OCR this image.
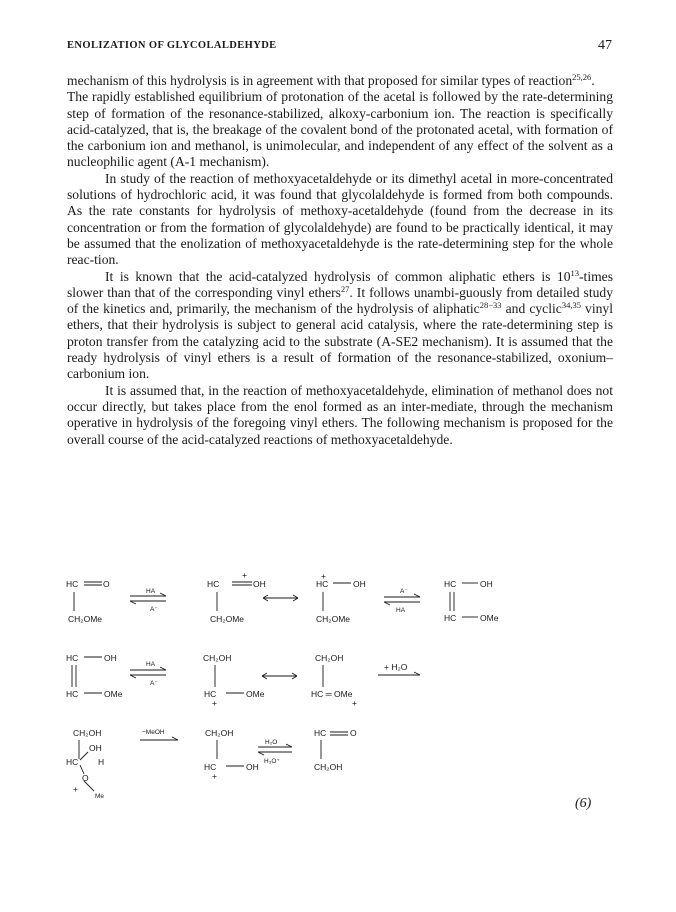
ENOLIZATION OF GLYCOLALDEHYDE	47

mechanism of this hydrolysis is in agreement with that proposed for similar types of reaction$^{25,26}$.

The rapidly established equilibrium of protonation of the acetal is followed by the rate-determining step of formation of the resonance-stabilized, alkoxy-carbonium ion. The reaction is specifically acid-catalyzed, that is, the breakage of the covalent bond of the protonated acetal, with formation of the carbonium ion and methanol, is unimolecular, and independent of any effect of the solvent as a nucleophilic agent (A-1 mechanism).

In study of the reaction of methoxyacetaldehyde or its dimethyl acetal in more-concentrated solutions of hydrochloric acid, it was found that glycolaldehyde is formed from both compounds. As the rate constants for hydrolysis of methoxy-acetaldehyde (found from the decrease in its concentration or from the formation of glycolaldehyde) are found to be practically identical, it may be assumed that the enolization of methoxyacetaldehyde is the rate-determining step for the whole reac-tion.

It is known that the acid-catalyzed hydrolysis of common aliphatic ethers is $10^{13}$-times slower than that of the corresponding vinyl ethers$^{27}$. It follows unambi-guously from detailed study of the kinetics and, primarily, the mechanism of the hydrolysis of aliphatic$^{28-33}$ and cyclic$^{34,35}$ vinyl ethers, that their hydrolysis is subject to general acid catalysis, where the rate-determining step is proton transfer from the catalyzing acid to the substrate (A-SE2 mechanism). It is assumed that the ready hydrolysis of vinyl ethers is a result of formation of the resonance-stabilized, oxonium–carbonium ion.

It is assumed that, in the reaction of methoxyacetaldehyde, elimination of methanol does not occur directly, but takes place from the enol formed as an inter-mediate, through the mechanism operative in hydrolysis of the foregoing vinyl ethers. The following mechanism is proposed for the overall course of the acid-catalyzed reactions of methoxyacetaldehyde.

HC	O
CH₂OMe
HA
A⁻
+
HC	OH
CH₂OMe
+
HC	OH
CH₂OMe
A⁻
HA
HC	OH
HC	OMe
HC	OH
HC	OMe
HA
A⁻
CH₂OH
HC	OMe
+
CH₂OH
HC ═ OMe
+
+ H₂O
CH₂OH
OH
HC H
O
+
Me
−MeOH	CH₂OH
HC	OH
+
H₂O
H₃O⁺
HC	O
CH₂OH
(6)
